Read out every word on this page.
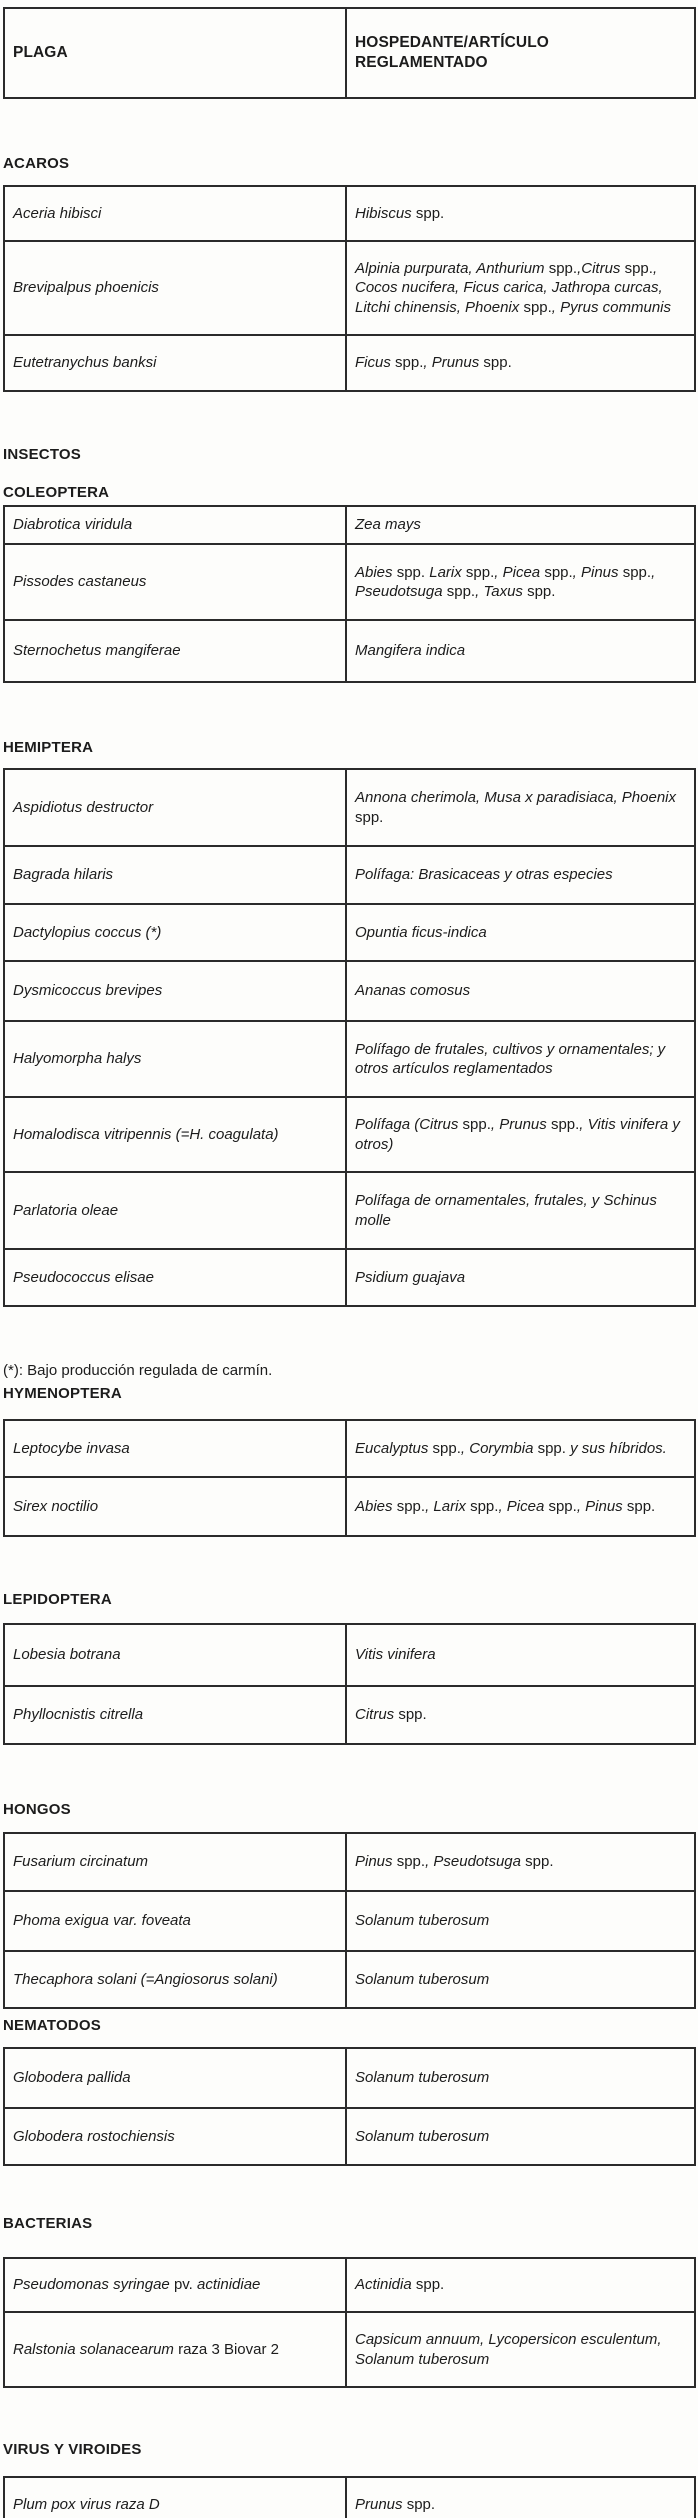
PLAGA	HOSPEDANTE/ARTÍCULO REGLAMENTADO
ACAROS
Aceria hibisci	Hibiscus spp.
Brevipalpus phoenicis	Alpinia purpurata, Anthurium spp.,Citrus spp., Cocos nucifera, Ficus carica, Jathropa curcas, Litchi chinensis, Phoenix spp., Pyrus communis
Eutetranychus banksi	Ficus spp., Prunus spp.
INSECTOS
COLEOPTERA
Diabrotica viridula	Zea mays
Pissodes castaneus	Abies spp. Larix spp., Picea spp., Pinus spp., Pseudotsuga spp., Taxus spp.
Sternochetus mangiferae	Mangifera indica
HEMIPTERA
Aspidiotus destructor	Annona cherimola, Musa x paradisiaca, Phoenix spp.
Bagrada hilaris	Polífaga: Brasicaceas y otras especies
Dactylopius coccus (*)	Opuntia ficus-indica
Dysmicoccus brevipes	Ananas comosus
Halyomorpha halys	Polífago de frutales, cultivos y ornamentales; y otros artículos reglamentados
Homalodisca vitripennis (=H. coagulata)	Polífaga (Citrus spp., Prunus spp., Vitis vinifera y otros)
Parlatoria oleae	Polífaga de ornamentales, frutales, y Schinus molle
Pseudococcus elisae	Psidium guajava
(*): Bajo producción regulada de carmín.
HYMENOPTERA
Leptocybe invasa	Eucalyptus spp., Corymbia spp. y sus híbridos.
Sirex noctilio	Abies spp., Larix spp., Picea spp., Pinus spp.
LEPIDOPTERA
Lobesia botrana	Vitis vinifera
Phyllocnistis citrella	Citrus spp.
HONGOS
Fusarium circinatum	Pinus spp., Pseudotsuga spp.
Phoma exigua var. foveata	Solanum tuberosum
Thecaphora solani (=Angiosorus solani)	Solanum tuberosum
NEMATODOS
Globodera pallida	Solanum tuberosum
Globodera rostochiensis	Solanum tuberosum
BACTERIAS
Pseudomonas syringae pv. actinidiae	Actinidia spp.
Ralstonia solanacearum raza 3 Biovar 2	Capsicum annuum, Lycopersicon esculentum, Solanum tuberosum
VIRUS Y VIROIDES
Plum pox virus raza D	Prunus spp.
